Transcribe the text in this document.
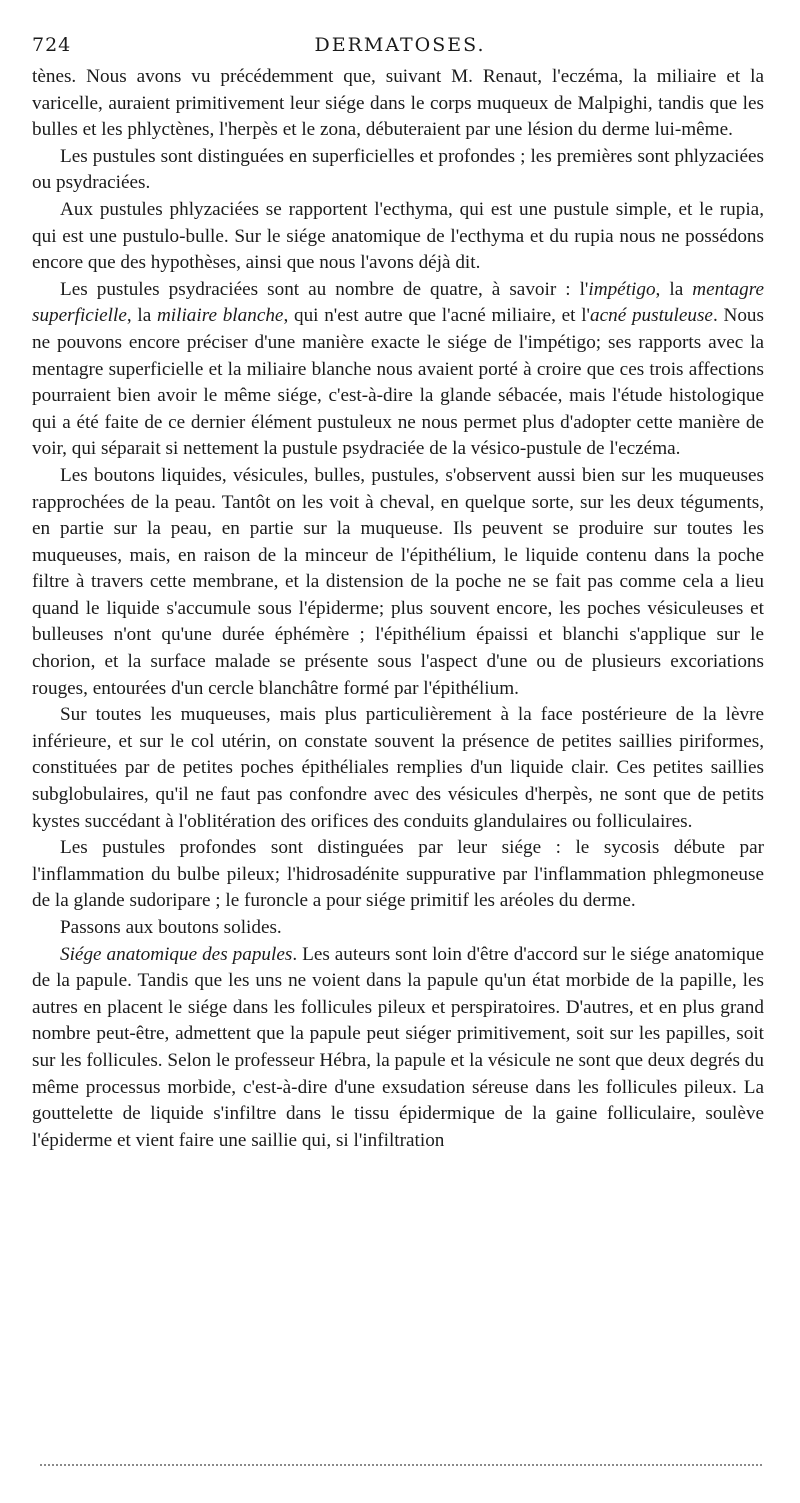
724	DERMATOSES.

tènes. Nous avons vu précédemment que, suivant M. Renaut, l'eczéma, la miliaire et la varicelle, auraient primitivement leur siége dans le corps muqueux de Malpighi, tandis que les bulles et les phlyctènes, l'herpès et le zona, débuteraient par une lésion du derme lui-même.

Les pustules sont distinguées en superficielles et profondes ; les premières sont phlyzaciées ou psydraciées.

Aux pustules phlyzaciées se rapportent l'ecthyma, qui est une pustule simple, et le rupia, qui est une pustulo-bulle. Sur le siége anatomique de l'ecthyma et du rupia nous ne possédons encore que des hypothèses, ainsi que nous l'avons déjà dit.

Les pustules psydraciées sont au nombre de quatre, à savoir : l'impétigo, la mentagre superficielle, la miliaire blanche, qui n'est autre que l'acné miliaire, et l'acné pustuleuse. Nous ne pouvons encore préciser d'une manière exacte le siége de l'impétigo; ses rapports avec la mentagre superficielle et la miliaire blanche nous avaient porté à croire que ces trois affections pourraient bien avoir le même siége, c'est-à-dire la glande sébacée, mais l'étude histologique qui a été faite de ce dernier élément pustuleux ne nous permet plus d'adopter cette manière de voir, qui séparait si nettement la pustule psydraciée de la vésico-pustule de l'eczéma.

Les boutons liquides, vésicules, bulles, pustules, s'observent aussi bien sur les muqueuses rapprochées de la peau. Tantôt on les voit à cheval, en quelque sorte, sur les deux téguments, en partie sur la peau, en partie sur la muqueuse. Ils peuvent se produire sur toutes les muqueuses, mais, en raison de la minceur de l'épithélium, le liquide contenu dans la poche filtre à travers cette membrane, et la distension de la poche ne se fait pas comme cela a lieu quand le liquide s'accumule sous l'épiderme; plus souvent encore, les poches vésiculeuses et bulleuses n'ont qu'une durée éphémère ; l'épithélium épaissi et blanchi s'applique sur le chorion, et la surface malade se présente sous l'aspect d'une ou de plusieurs excoriations rouges, entourées d'un cercle blanchâtre formé par l'épithélium.

Sur toutes les muqueuses, mais plus particulièrement à la face postérieure de la lèvre inférieure, et sur le col utérin, on constate souvent la présence de petites saillies piriformes, constituées par de petites poches épithéliales remplies d'un liquide clair. Ces petites saillies subglobulaires, qu'il ne faut pas confondre avec des vésicules d'herpès, ne sont que de petits kystes succédant à l'oblitération des orifices des conduits glandulaires ou folliculaires.

Les pustules profondes sont distinguées par leur siége : le sycosis débute par l'inflammation du bulbe pileux; l'hidrosadénite suppurative par l'inflammation phlegmoneuse de la glande sudoripare ; le furoncle a pour siége primitif les aréoles du derme.

Passons aux boutons solides.

Siége anatomique des papules. Les auteurs sont loin d'être d'accord sur le siége anatomique de la papule. Tandis que les uns ne voient dans la papule qu'un état morbide de la papille, les autres en placent le siége dans les follicules pileux et perspiratoires. D'autres, et en plus grand nombre peut-être, admettent que la papule peut siéger primitivement, soit sur les papilles, soit sur les follicules. Selon le professeur Hébra, la papule et la vésicule ne sont que deux degrés du même processus morbide, c'est-à-dire d'une exsudation séreuse dans les follicules pileux. La gouttelette de liquide s'infiltre dans le tissu épidermique de la gaine folliculaire, soulève l'épiderme et vient faire une saillie qui, si l'infiltration
